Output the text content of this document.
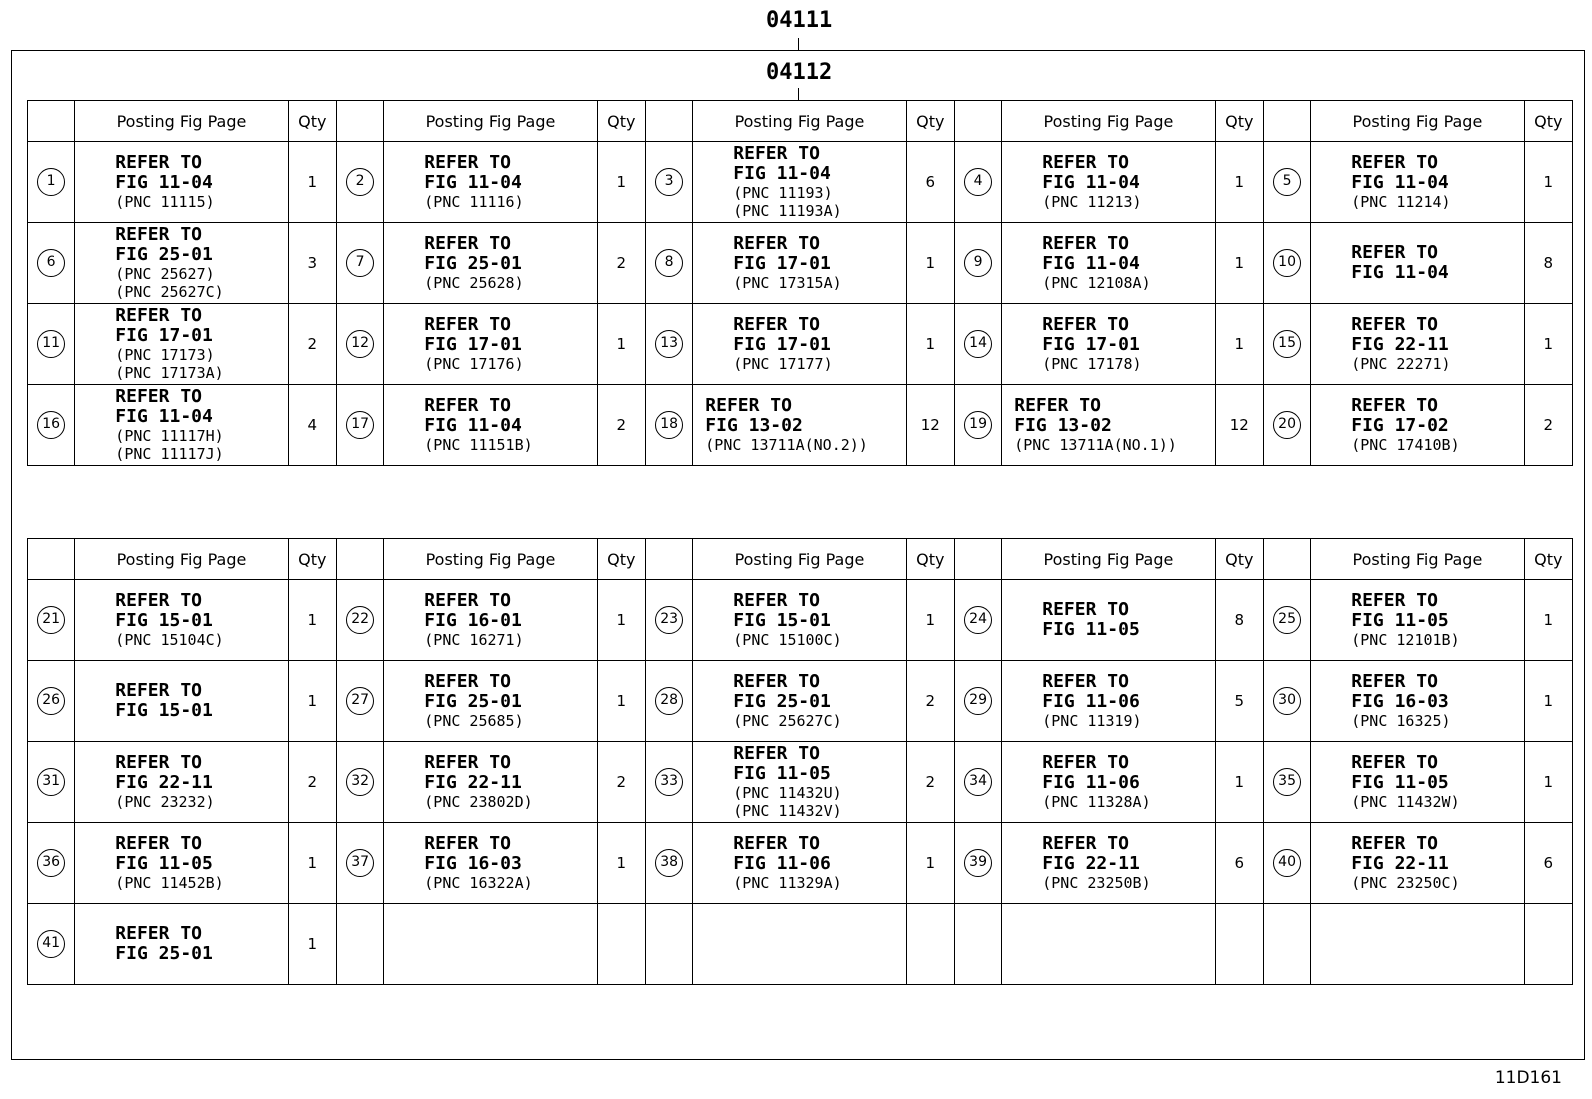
04111
04112
	Posting Fig Page	Qty		Posting Fig Page	Qty		Posting Fig Page	Qty		Posting Fig Page	Qty		Posting Fig Page	Qty
1	REFER TO
FIG 11-04
(PNC 11115)	1	2	REFER TO
FIG 11-04
(PNC 11116)	1	3	REFER TO
FIG 11-04
(PNC 11193)
(PNC 11193A)	6	4	REFER TO
FIG 11-04
(PNC 11213)	1	5	REFER TO
FIG 11-04
(PNC 11214)	1
6	REFER TO
FIG 25-01
(PNC 25627)
(PNC 25627C)	3	7	REFER TO
FIG 25-01
(PNC 25628)	2	8	REFER TO
FIG 17-01
(PNC 17315A)	1	9	REFER TO
FIG 11-04
(PNC 12108A)	1	10	REFER TO
FIG 11-04	8
11	REFER TO
FIG 17-01
(PNC 17173)
(PNC 17173A)	2	12	REFER TO
FIG 17-01
(PNC 17176)	1	13	REFER TO
FIG 17-01
(PNC 17177)	1	14	REFER TO
FIG 17-01
(PNC 17178)	1	15	REFER TO
FIG 22-11
(PNC 22271)	1
16	REFER TO
FIG 11-04
(PNC 11117H)
(PNC 11117J)	4	17	REFER TO
FIG 11-04
(PNC 11151B)	2	18	REFER TO
FIG 13-02
(PNC 13711A(NO.2))	12	19	REFER TO
FIG 13-02
(PNC 13711A(NO.1))	12	20	REFER TO
FIG 17-02
(PNC 17410B)	2
	Posting Fig Page	Qty		Posting Fig Page	Qty		Posting Fig Page	Qty		Posting Fig Page	Qty		Posting Fig Page	Qty
21	REFER TO
FIG 15-01
(PNC 15104C)	1	22	REFER TO
FIG 16-01
(PNC 16271)	1	23	REFER TO
FIG 15-01
(PNC 15100C)	1	24	REFER TO
FIG 11-05	8	25	REFER TO
FIG 11-05
(PNC 12101B)	1
26	REFER TO
FIG 15-01	1	27	REFER TO
FIG 25-01
(PNC 25685)	1	28	REFER TO
FIG 25-01
(PNC 25627C)	2	29	REFER TO
FIG 11-06
(PNC 11319)	5	30	REFER TO
FIG 16-03
(PNC 16325)	1
31	REFER TO
FIG 22-11
(PNC 23232)	2	32	REFER TO
FIG 22-11
(PNC 23802D)	2	33	REFER TO
FIG 11-05
(PNC 11432U)
(PNC 11432V)	2	34	REFER TO
FIG 11-06
(PNC 11328A)	1	35	REFER TO
FIG 11-05
(PNC 11432W)	1
36	REFER TO
FIG 11-05
(PNC 11452B)	1	37	REFER TO
FIG 16-03
(PNC 16322A)	1	38	REFER TO
FIG 11-06
(PNC 11329A)	1	39	REFER TO
FIG 22-11
(PNC 23250B)	6	40	REFER TO
FIG 22-11
(PNC 23250C)	6
41	REFER TO
FIG 25-01	1												
11D161
